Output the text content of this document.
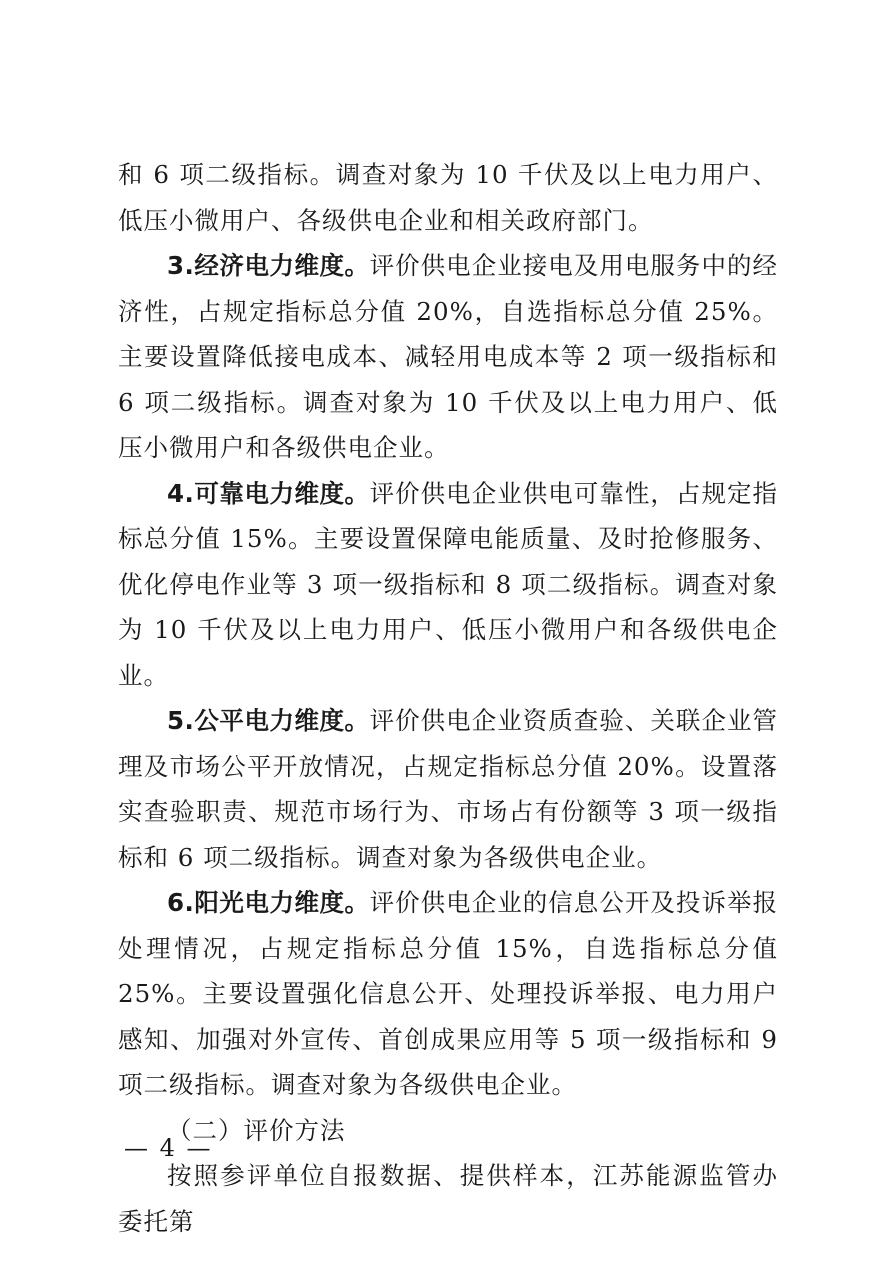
和 6 项二级指标。调查对象为 10 千伏及以上电力用户、低压小微用户、各级供电企业和相关政府部门。

3.经济电力维度。评价供电企业接电及用电服务中的经济性，占规定指标总分值 20%，自选指标总分值 25%。主要设置降低接电成本、减轻用电成本等 2 项一级指标和 6 项二级指标。调查对象为 10 千伏及以上电力用户、低压小微用户和各级供电企业。

4.可靠电力维度。评价供电企业供电可靠性，占规定指标总分值 15%。主要设置保障电能质量、及时抢修服务、优化停电作业等 3 项一级指标和 8 项二级指标。调查对象为 10 千伏及以上电力用户、低压小微用户和各级供电企业。

5.公平电力维度。评价供电企业资质查验、关联企业管理及市场公平开放情况，占规定指标总分值 20%。设置落实查验职责、规范市场行为、市场占有份额等 3 项一级指标和 6 项二级指标。调查对象为各级供电企业。

6.阳光电力维度。评价供电企业的信息公开及投诉举报处理情况，占规定指标总分值 15%，自选指标总分值 25%。主要设置强化信息公开、处理投诉举报、电力用户感知、加强对外宣传、首创成果应用等 5 项一级指标和 9 项二级指标。调查对象为各级供电企业。

（二）评价方法

按照参评单位自报数据、提供样本，江苏能源监管办委托第

— 4 —
